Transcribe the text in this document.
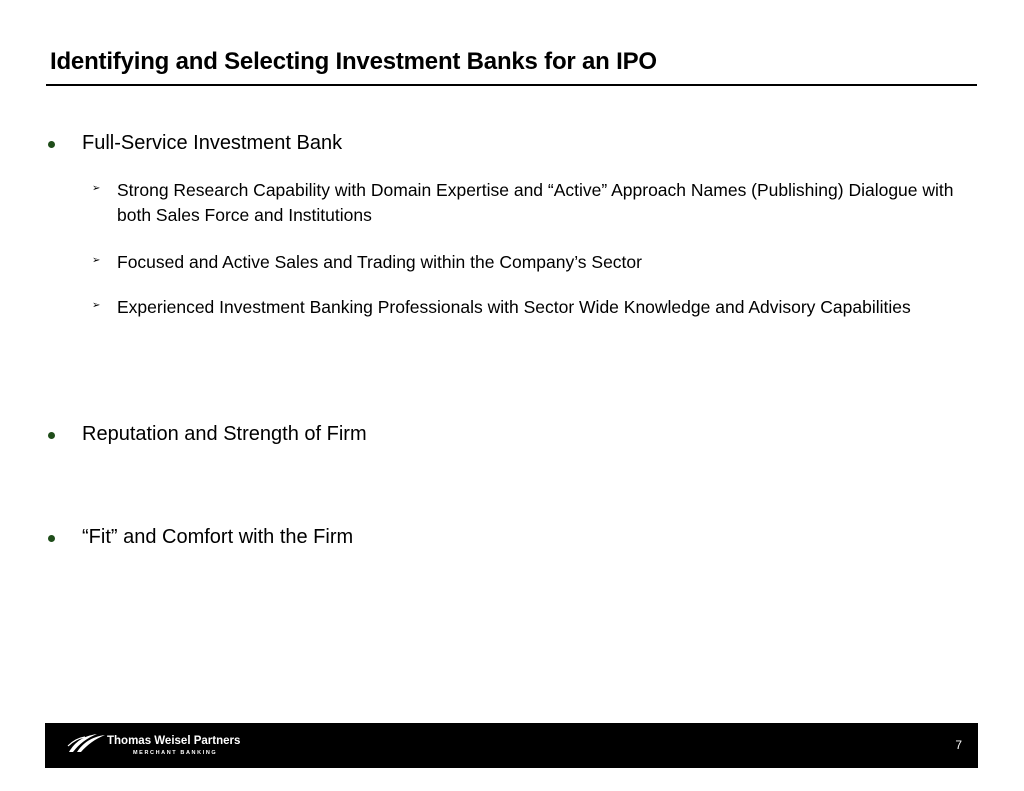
Identifying and Selecting Investment Banks for an IPO
Full-Service Investment Bank
➢ Strong Research Capability with Domain Expertise and “Active” Approach Names (Publishing) Dialogue with both Sales Force and Institutions
➢ Focused and Active Sales and Trading within the Company’s Sector
➢ Experienced Investment Banking Professionals with Sector Wide Knowledge and Advisory Capabilities
Reputation and Strength of Firm
“Fit” and Comfort with the Firm
Thomas Weisel Partners
MERCHANT BANKING
7
